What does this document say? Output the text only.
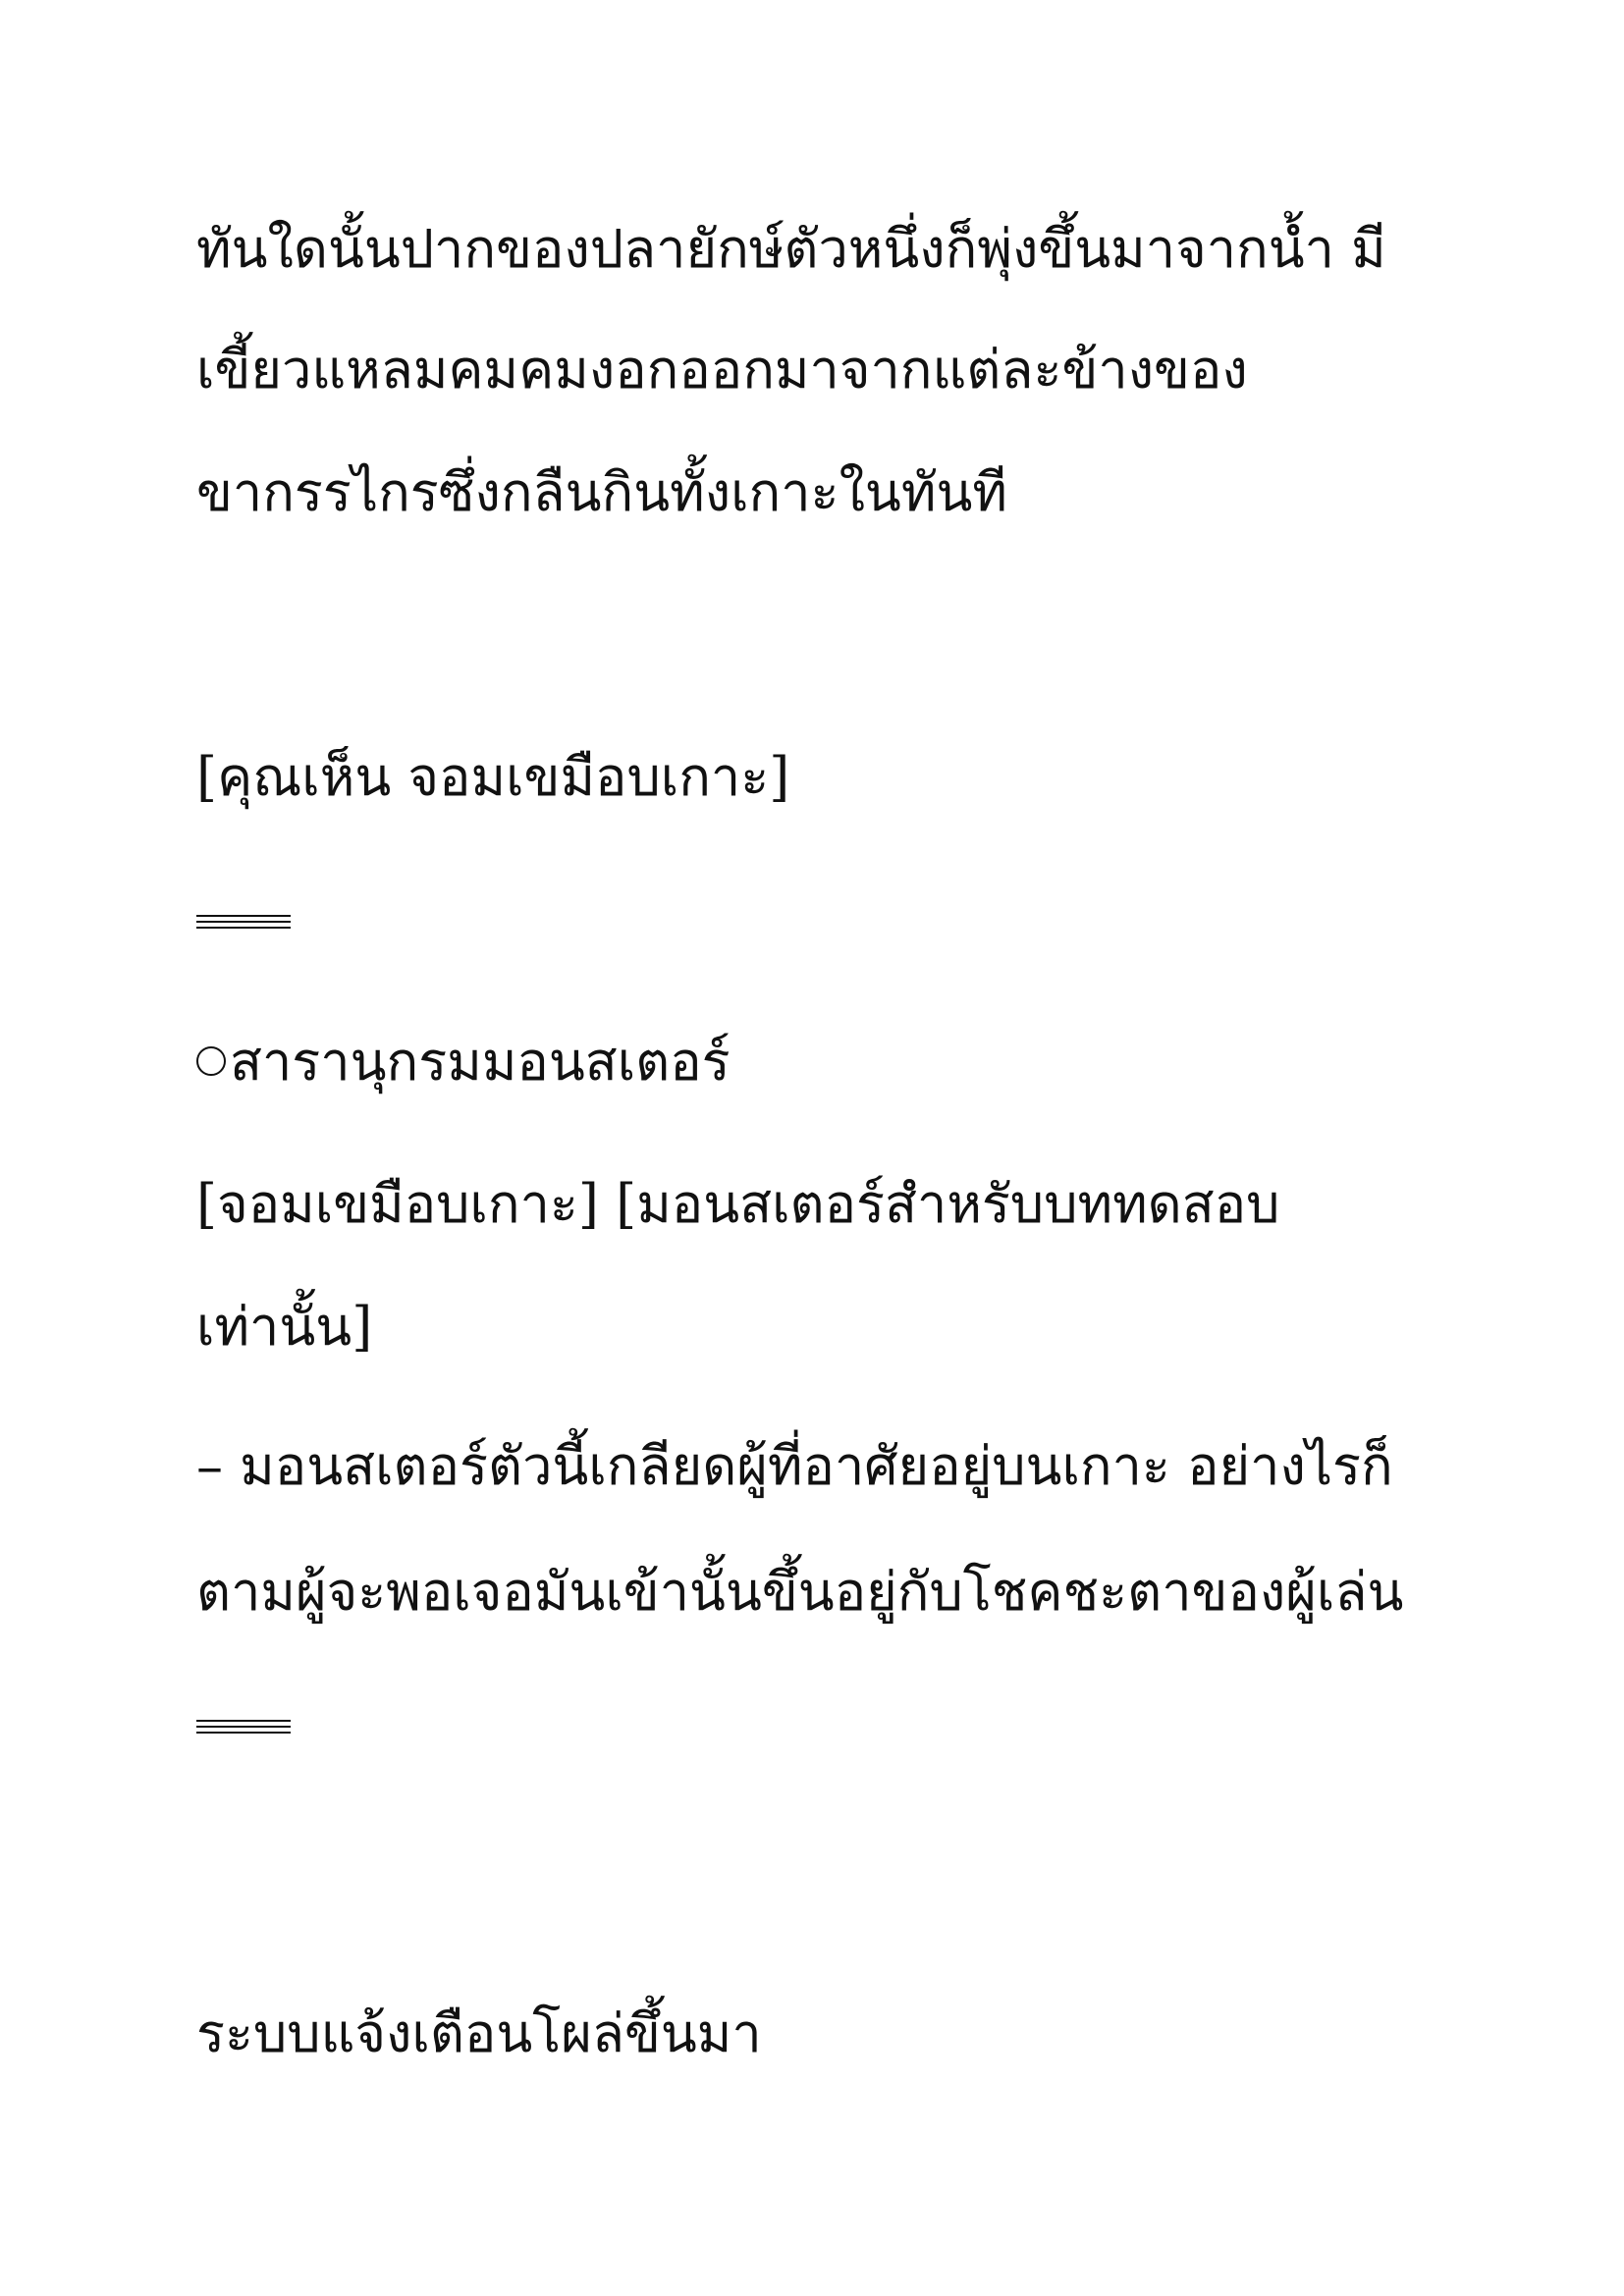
ทันใดนั้นปากของปลายักษ์ตัวหนึ่งก็พุ่งขึ้นมาจากน้ำ มี

เขี้ยวแหลมคมคมงอกออกมาจากแต่ละข้างของ

ขากรรไกรซึ่งกลืนกินทั้งเกาะในทันที

[คุณเห็น จอมเขมือบเกาะ]

สารานุกรมมอนสเตอร์

[จอมเขมือบเกาะ] [มอนสเตอร์สำหรับบททดสอบ

เท่านั้น]

– มอนสเตอร์ตัวนี้เกลียดผู้ที่อาศัยอยู่บนเกาะ อย่างไรก็

ตามผู้จะพอเจอมันเข้านั้นขึ้นอยู่กับโชคชะตาของผู้เล่น

ระบบแจ้งเตือนโผล่ขึ้นมา
